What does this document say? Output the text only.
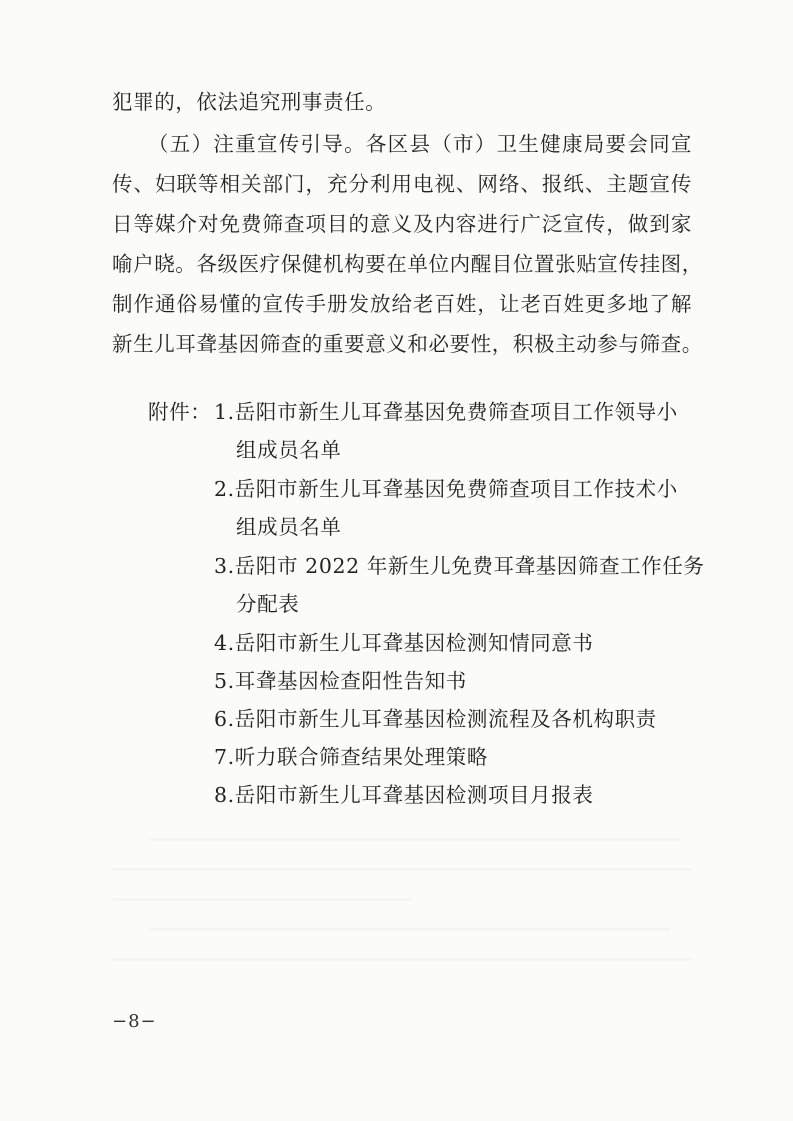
犯罪的，依法追究刑事责任。
（五）注重宣传引导。各区县（市）卫生健康局要会同宣
传、妇联等相关部门，充分利用电视、网络、报纸、主题宣传
日等媒介对免费筛查项目的意义及内容进行广泛宣传，做到家
喻户晓。各级医疗保健机构要在单位内醒目位置张贴宣传挂图，
制作通俗易懂的宣传手册发放给老百姓，让老百姓更多地了解
新生儿耳聋基因筛查的重要意义和必要性，积极主动参与筛查。
附件： 1.岳阳市新生儿耳聋基因免费筛查项目工作领导小
组成员名单
2.岳阳市新生儿耳聋基因免费筛查项目工作技术小
组成员名单
3.岳阳市 2022 年新生儿免费耳聋基因筛查工作任务
分配表
4.岳阳市新生儿耳聋基因检测知情同意书
5.耳聋基因检查阳性告知书
6.岳阳市新生儿耳聋基因检测流程及各机构职责
7.听力联合筛查结果处理策略
8.岳阳市新生儿耳聋基因检测项目月报表
−8−
